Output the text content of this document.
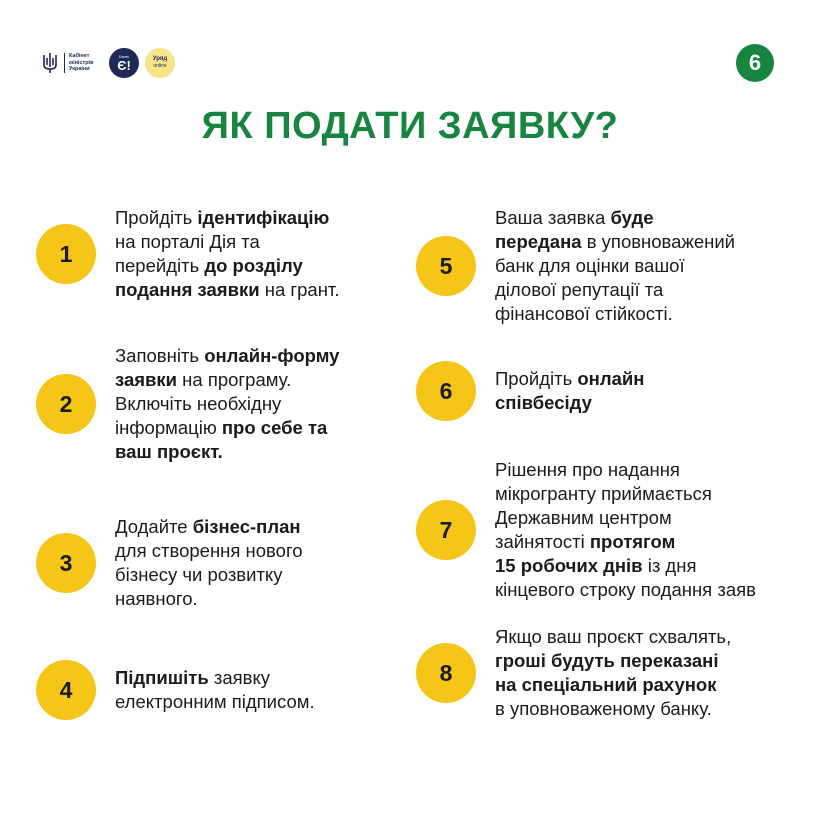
Кабінет міністрів України
Бізнес
Є!	Уряд
online	6
ЯК ПОДАТИ ЗАЯВКУ?
1
Пройдіть ідентифікацію
на порталі Дія та
перейдіть до розділу
подання заявки на грант.
2
Заповніть онлайн-форму
заявки на програму.
Включіть необхідну
інформацію про себе та
ваш проєкт.
3
Додайте бізнес-план
для створення нового
бізнесу чи розвитку
наявного.
4	Підпишіть заявку
електронним підписом.
5
Ваша заявка буде
передана в уповноважений
банк для оцінки вашої
ділової репутації та
фінансової стійкості.
6	Пройдіть онлайн
співбесіду
7
Рішення про надання
мікрогранту приймається
Державним центром
зайнятості протягом
15 робочих днів із дня
кінцевого строку подання заяв
8
Якщо ваш проєкт схвалять,
гроші будуть переказані
на спеціальний рахунок
в уповноваженому банку.
